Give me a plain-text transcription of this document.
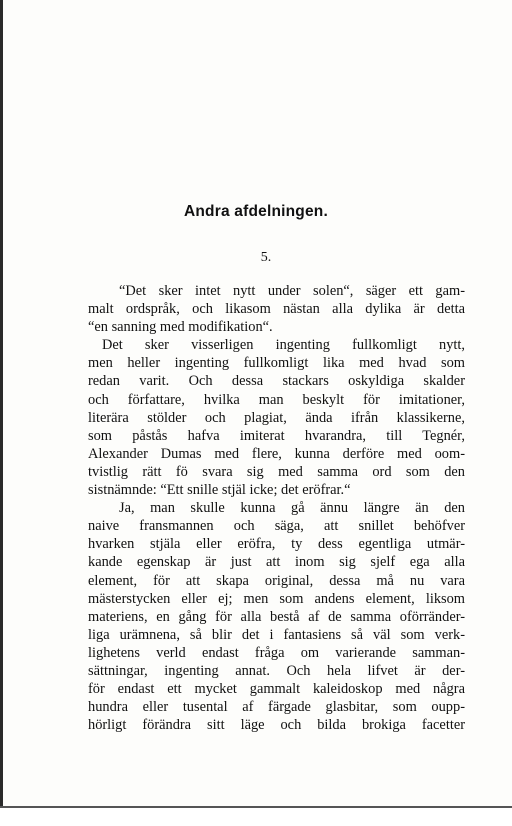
Andra afdelningen.
5.
“Det sker intet nytt under solen“, säger ett gam-
malt ordspråk, och likasom nästan alla dylika är detta
“en sanning med modifikation“.
Det sker visserligen ingenting fullkomligt nytt,
men heller ingenting fullkomligt lika med hvad som
redan varit. Och dessa stackars oskyldiga skalder
och författare, hvilka man beskylt för imitationer,
literära stölder och plagiat, ända ifrån klassikerne,
som påstås hafva imiterat hvarandra, till Tegnér,
Alexander Dumas med flere, kunna derföre med oom-
tvistlig rätt fö svara sig med samma ord som den
sistnämnde: “Ett snille stjäl icke; det eröfrar.“
Ja, man skulle kunna gå ännu längre än den
naive fransmannen och säga, att snillet behöfver
hvarken stjäla eller eröfra, ty dess egentliga utmär-
kande egenskap är just att inom sig sjelf ega alla
element, för att skapa original, dessa må nu vara
mästerstycken eller ej; men som andens element, liksom
materiens, en gång för alla bestå af de samma oförränder-
liga urämnena, så blir det i fantasiens så väl som verk-
lighetens verld endast fråga om varierande samman-
sättningar, ingenting annat. Och hela lifvet är der-
för endast ett mycket gammalt kaleidoskop med några
hundra eller tusental af färgade glasbitar, som oupp-
hörligt förändra sitt läge och bilda brokiga facetter
